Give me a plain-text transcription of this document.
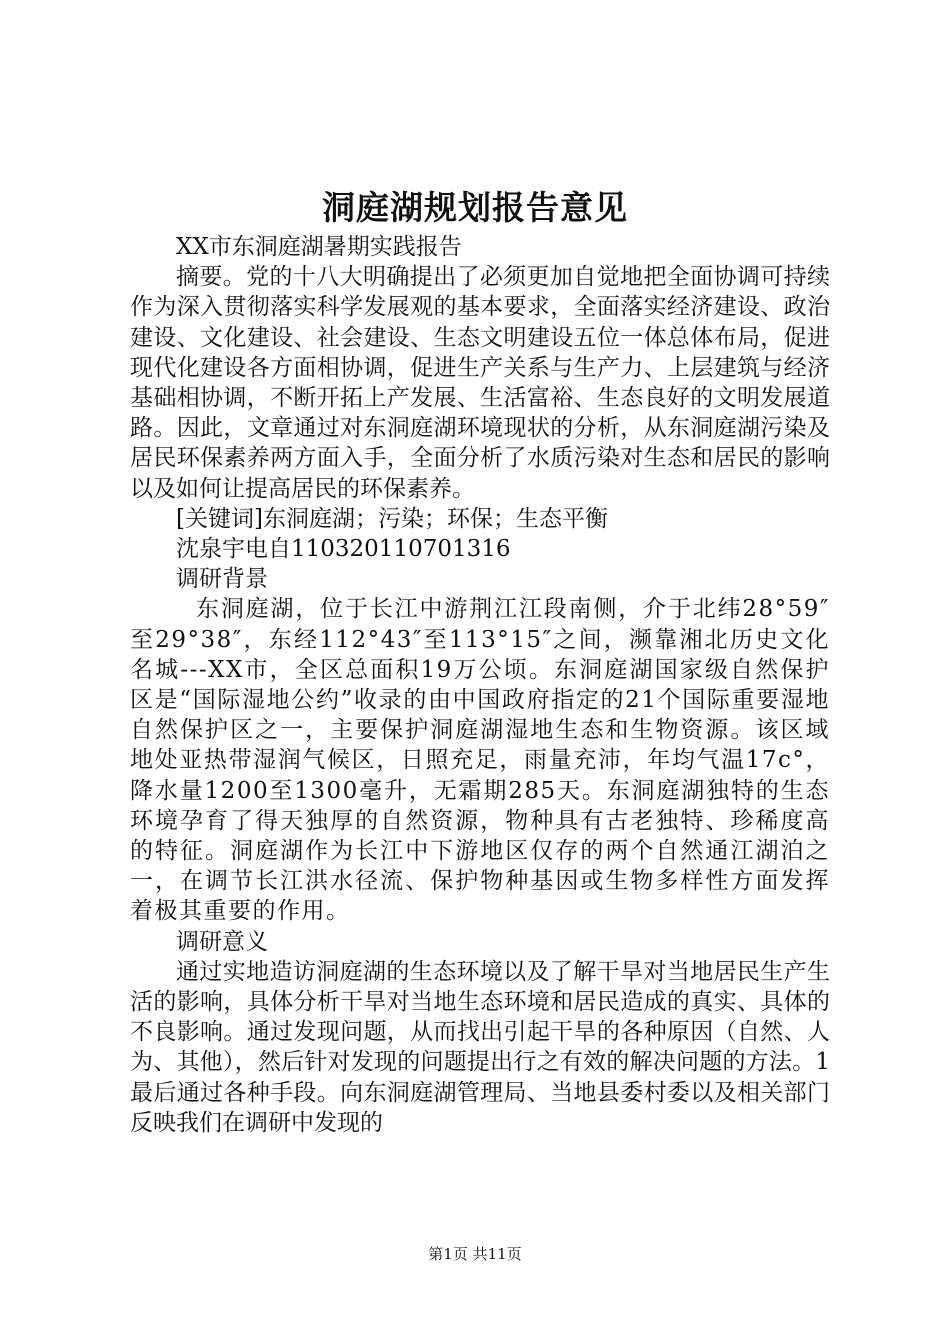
洞庭湖规划报告意见

XX市东洞庭湖暑期实践报告

摘要。党的十八大明确提出了必须更加自觉地把全面协调可持续作为深入贯彻落实科学发展观的基本要求，全面落实经济建设、政治建设、文化建设、社会建设、生态文明建设五位一体总体布局，促进现代化建设各方面相协调，促进生产关系与生产力、上层建筑与经济基础相协调，不断开拓上产发展、生活富裕、生态良好的文明发展道路。因此，文章通过对东洞庭湖环境现状的分析，从东洞庭湖污染及居民环保素养两方面入手，全面分析了水质污染对生态和居民的影响以及如何让提高居民的环保素养。

[关键词]东洞庭湖；污染；环保；生态平衡

沈泉宇电自110320110701316

调研背景

东洞庭湖，位于长江中游荆江江段南侧，介于北纬28°59″至29°38″，东经112°43″至113°15″之间，濒靠湘北历史文化名城---XX市，全区总面积19万公顷。东洞庭湖国家级自然保护区是“国际湿地公约”收录的由中国政府指定的21个国际重要湿地自然保护区之一，主要保护洞庭湖湿地生态和生物资源。该区域地处亚热带湿润气候区，日照充足，雨量充沛，年均气温17c°，降水量1200至1300毫升，无霜期285天。东洞庭湖独特的生态环境孕育了得天独厚的自然资源，物种具有古老独特、珍稀度高的特征。洞庭湖作为长江中下游地区仅存的两个自然通江湖泊之一，在调节长江洪水径流、保护物种基因或生物多样性方面发挥着极其重要的作用。

调研意义

通过实地造访洞庭湖的生态环境以及了解干旱对当地居民生产生活的影响，具体分析干旱对当地生态环境和居民造成的真实、具体的不良影响。通过发现问题，从而找出引起干旱的各种原因（自然、人为、其他），然后针对发现的问题提出行之有效的解决问题的方法。1最后通过各种手段。向东洞庭湖管理局、当地县委村委以及相关部门反映我们在调研中发现的

第1页 共11页
